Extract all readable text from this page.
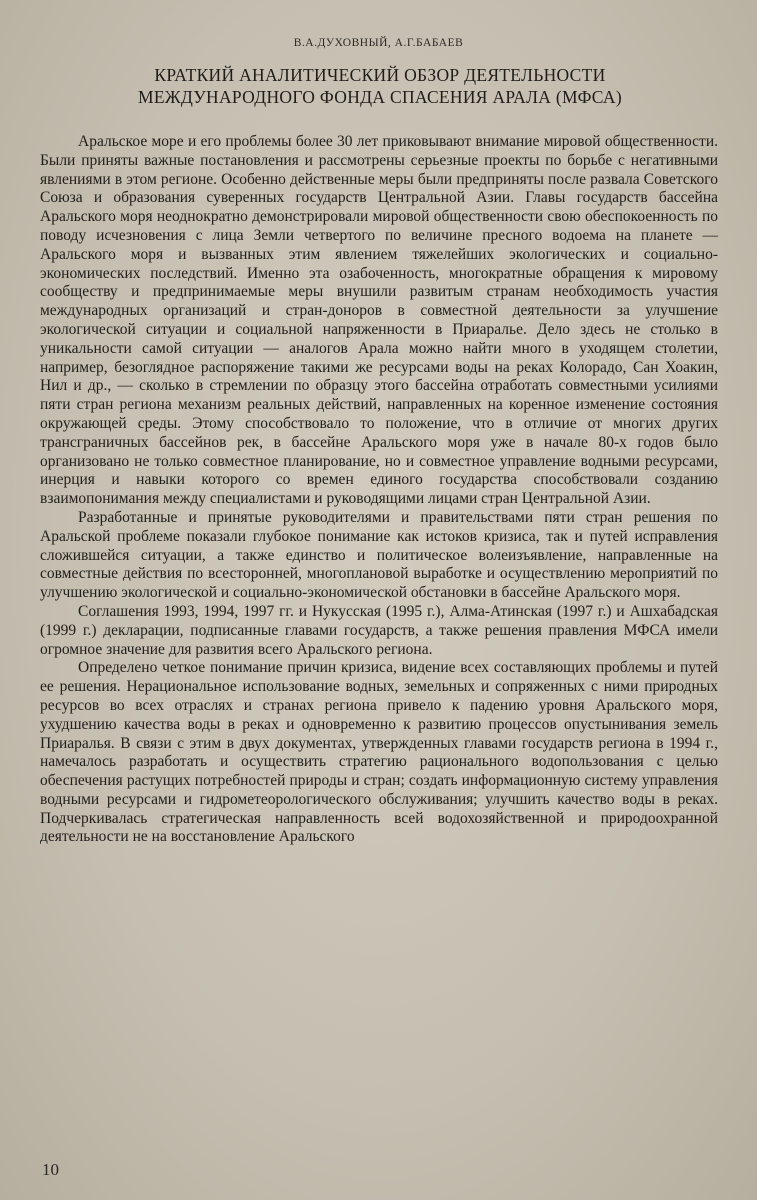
В.А.ДУХОВНЫЙ, А.Г.БАБАЕВ
КРАТКИЙ АНАЛИТИЧЕСКИЙ ОБЗОР ДЕЯТЕЛЬНОСТИ
МЕЖДУНАРОДНОГО ФОНДА СПАСЕНИЯ АРАЛА (МФСА)

Аральское море и его проблемы более 30 лет приковывают внимание мировой общественности. Были приняты важные постановления и рассмотрены серьезные проекты по борьбе с негативными явлениями в этом регионе. Особенно действенные меры были предприняты после развала Советского Союза и образования суверенных государств Центральной Азии. Главы государств бассейна Аральского моря неоднократно демонстрировали мировой общественности свою обеспокоенность по поводу исчезновения с лица Земли четвертого по величине пресного водоема на планете — Аральского моря и вызванных этим явлением тяжелейших экологических и социально-экономических последствий. Именно эта озабоченность, многократные обращения к мировому сообществу и предпринимаемые меры внушили развитым странам необходимость участия международных организаций и стран-доноров в совместной деятельности за улучшение экологической ситуации и социальной напряженности в Приаралье. Дело здесь не столько в уникальности самой ситуации — аналогов Арала можно найти много в уходящем столетии, например, безоглядное распоряжение такими же ресурсами воды на реках Колорадо, Сан Хоакин, Нил и др., — сколько в стремлении по образцу этого бассейна отработать совместными усилиями пяти стран региона механизм реальных действий, направленных на коренное изменение состояния окружающей среды. Этому способствовало то положение, что в отличие от многих других трансграничных бассейнов рек, в бассейне Аральского моря уже в начале 80-х годов было организовано не только совместное планирование, но и совместное управление водными ресурсами, инерция и навыки которого со времен единого государства способствовали созданию взаимопонимания между специалистами и руководящими лицами стран Центральной Азии.

Разработанные и принятые руководителями и правительствами пяти стран решения по Аральской проблеме показали глубокое понимание как истоков кризиса, так и путей исправления сложившейся ситуации, а также единство и политическое волеизъявление, направленные на совместные действия по всесторонней, многоплановой выработке и осуществлению мероприятий по улучшению экологической и социально-экономической обстановки в бассейне Аральского моря.

Соглашения 1993, 1994, 1997 гг. и Нукусская (1995 г.), Алма-Атинская (1997 г.) и Ашхабадская (1999 г.) декларации, подписанные главами государств, а также решения правления МФСА имели огромное значение для развития всего Аральского региона.

Определено четкое понимание причин кризиса, видение всех составляющих проблемы и путей ее решения. Нерациональное использование водных, земельных и сопряженных с ними природных ресурсов во всех отраслях и странах региона привело к падению уровня Аральского моря, ухудшению качества воды в реках и одновременно к развитию процессов опустынивания земель Приаралья. В связи с этим в двух документах, утвержденных главами государств региона в 1994 г., намечалось разработать и осуществить стратегию рационального водопользования с целью обеспечения растущих потребностей природы и стран; создать информационную систему управления водными ресурсами и гидрометеорологического обслуживания; улучшить качество воды в реках. Подчеркивалась стратегическая направленность всей водохозяйственной и природоохранной деятельности не на восстановление Аральского

10
